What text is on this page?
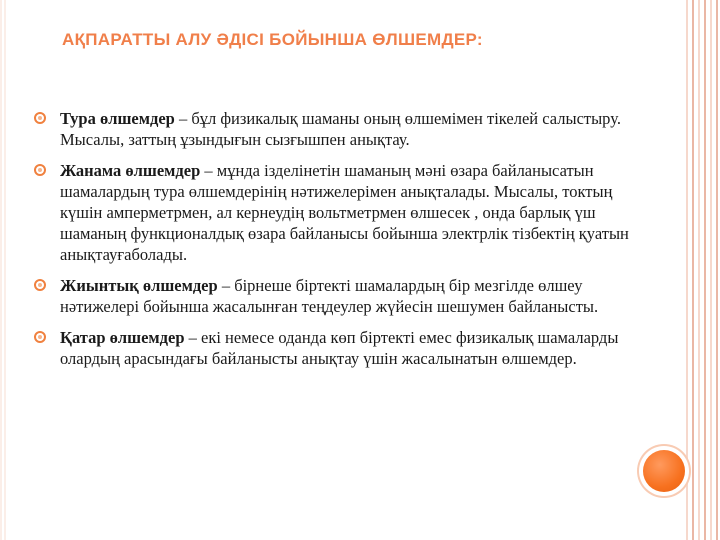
АҚПАРАТТЫ АЛУ ӘДІСІ БОЙЫНША ӨЛШЕМДЕР:
Тура өлшемдер – бұл физикалық шаманы оның өлшемімен тікелей салыстыру. Мысалы, заттың ұзындығын сызғышпен анықтау.
Жанама өлшемдер – мұнда ізделінетін шаманың мәні өзара байланысатын шамалардың тура өлшемдерінің нәтижелерімен анықталады. Мысалы, токтың күшін амперметрмен, ал кернеудің вольтметрмен өлшесек , онда барлық үш шаманың функционалдық өзара байланысы бойынша электрлік тізбектің қуатын анықтауғаболады.
Жиынтық өлшемдер – бірнеше біртекті шамалардың бір мезгілде өлшеу нәтижелері бойынша жасалынған теңдеулер жүйесін шешумен байланысты.
Қатар өлшемдер – екі немесе оданда көп біртекті емес физикалық шамаларды олардың арасындағы байланысты анықтау үшін жасалынатын өлшемдер.
